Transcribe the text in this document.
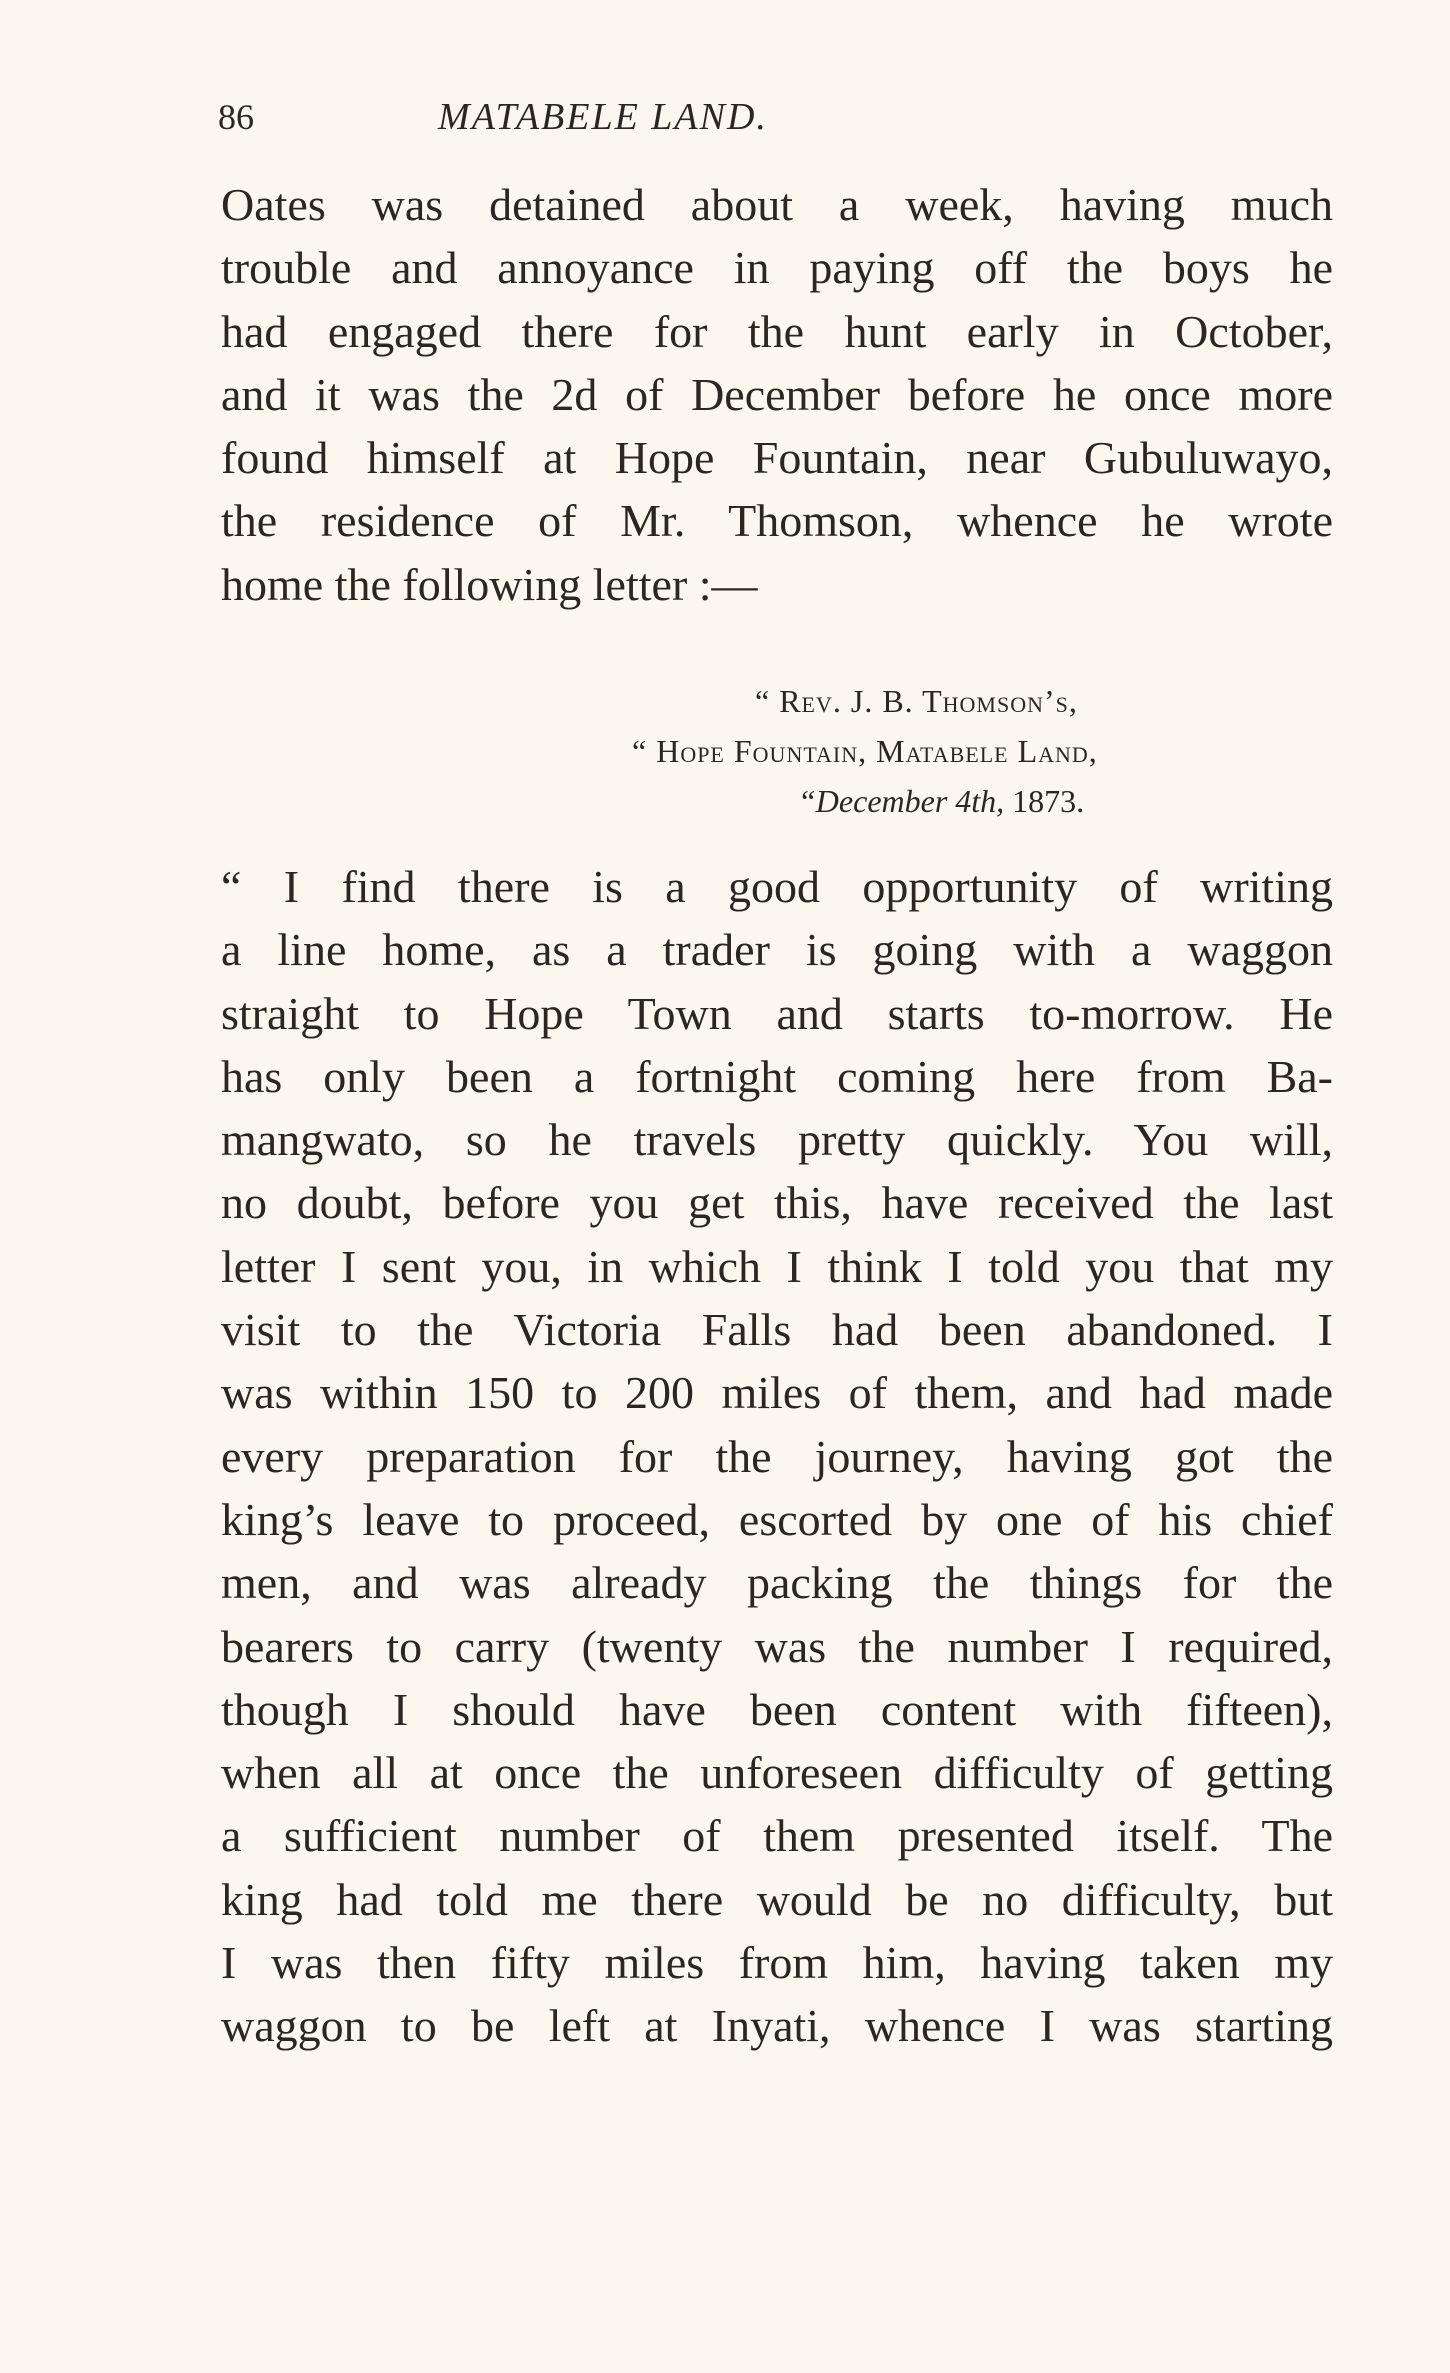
86	MATABELE LAND.
Oates was detained about a week, having much
trouble and annoyance in paying off the boys he
had engaged there for the hunt early in October,
and it was the 2d of December before he once more
found himself at Hope Fountain, near Gubuluwayo,
the residence of Mr. Thomson, whence he wrote
home the following letter :—
“ Rev. J. B. Thomson’s,
“ Hope Fountain, Matabele Land,
“December 4th, 1873.
“ I find there is a good opportunity of writing
a line home, as a trader is going with a waggon
straight to Hope Town and starts to-morrow. He
has only been a fortnight coming here from Ba-
mangwato, so he travels pretty quickly. You will,
no doubt, before you get this, have received the last
letter I sent you, in which I think I told you that my
visit to the Victoria Falls had been abandoned. I
was within 150 to 200 miles of them, and had made
every preparation for the journey, having got the
king’s leave to proceed, escorted by one of his chief
men, and was already packing the things for the
bearers to carry (twenty was the number I required,
though I should have been content with fifteen),
when all at once the unforeseen difficulty of getting
a sufficient number of them presented itself. The
king had told me there would be no difficulty, but
I was then fifty miles from him, having taken my
waggon to be left at Inyati, whence I was starting
